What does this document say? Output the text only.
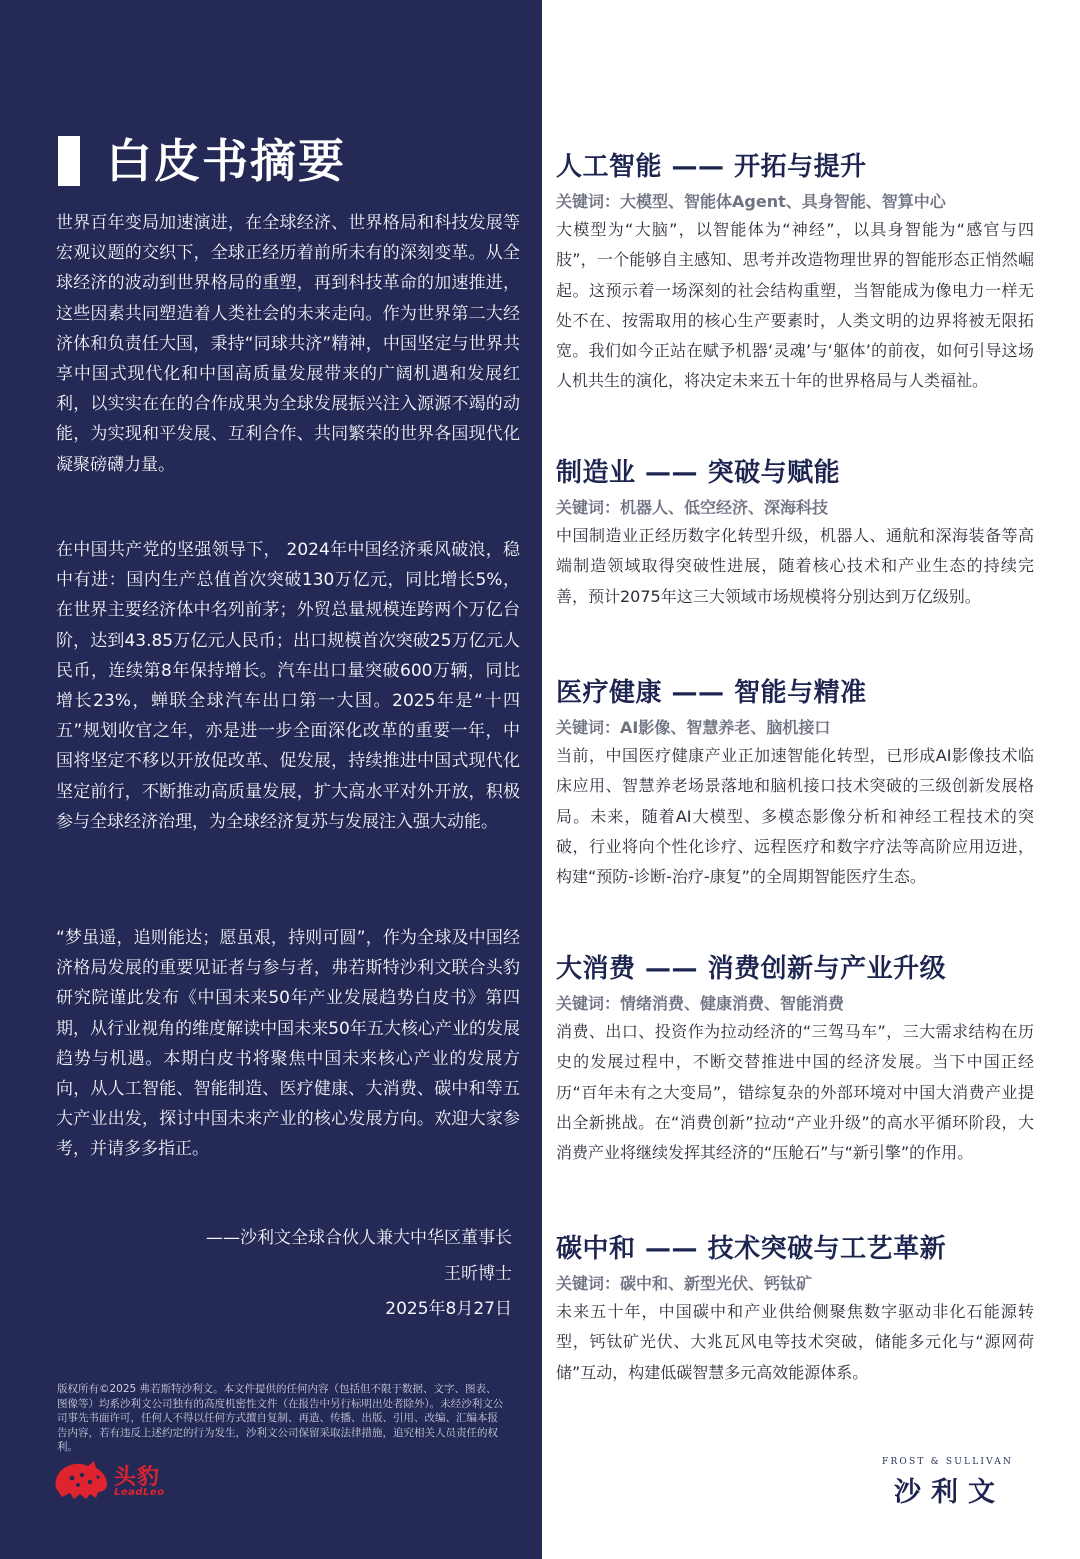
白皮书摘要

世界百年变局加速演进，在全球经济、世界格局和科技发展等宏观议题的交织下，全球正经历着前所未有的深刻变革。从全球经济的波动到世界格局的重塑，再到科技革命的加速推进，这些因素共同塑造着人类社会的未来走向。作为世界第二大经济体和负责任大国，秉持“同球共济”精神，中国坚定与世界共享中国式现代化和中国高质量发展带来的广阔机遇和发展红利，以实实在在的合作成果为全球发展振兴注入源源不竭的动能，为实现和平发展、互利合作、共同繁荣的世界各国现代化凝聚磅礴力量。

在中国共产党的坚强领导下， 2024年中国经济乘风破浪，稳中有进：国内生产总值首次突破130万亿元，同比增长5%，在世界主要经济体中名列前茅；外贸总量规模连跨两个万亿台阶，达到43.85万亿元人民币；出口规模首次突破25万亿元人民币，连续第8年保持增长。汽车出口量突破600万辆，同比增长23%，蝉联全球汽车出口第一大国。2025年是“十四五”规划收官之年，亦是进一步全面深化改革的重要一年，中国将坚定不移以开放促改革、促发展，持续推进中国式现代化坚定前行，不断推动高质量发展，扩大高水平对外开放，积极参与全球经济治理，为全球经济复苏与发展注入强大动能。

“梦虽遥，追则能达；愿虽艰，持则可圆”，作为全球及中国经济格局发展的重要见证者与参与者，弗若斯特沙利文联合头豹研究院谨此发布《中国未来50年产业发展趋势白皮书》第四期，从行业视角的维度解读中国未来50年五大核心产业的发展趋势与机遇。本期白皮书将聚焦中国未来核心产业的发展方向，从人工智能、智能制造、医疗健康、大消费、碳中和等五大产业出发，探讨中国未来产业的核心发展方向。欢迎大家参考，并请多多指正。

——沙利文全球合伙人兼大中华区董事长
王昕博士
2025年8月27日

版权所有©2025 弗若斯特沙利文。本文件提供的任何内容（包括但不限于数据、文字、图表、图像等）均系沙利文公司独有的高度机密性文件（在报告中另行标明出处者除外）。未经沙利文公司事先书面许可，任何人不得以任何方式擅自复制、再造、传播、出版、引用、改编、汇编本报告内容，若有违反上述约定的行为发生，沙利文公司保留采取法律措施，追究相关人员责任的权利。

头豹
LeadLeo
人工智能 —— 开拓与提升
关键词：大模型、智能体Agent、具身智能、智算中心

大模型为“大脑”，以智能体为“神经”，以具身智能为“感官与四肢”，一个能够自主感知、思考并改造物理世界的智能形态正悄然崛起。这预示着一场深刻的社会结构重塑，当智能成为像电力一样无处不在、按需取用的核心生产要素时，人类文明的边界将被无限拓宽。我们如今正站在赋予机器‘灵魂’与‘躯体’的前夜，如何引导这场人机共生的演化，将决定未来五十年的世界格局与人类福祉。

制造业 —— 突破与赋能
关键词：机器人、低空经济、深海科技

中国制造业正经历数字化转型升级，机器人、通航和深海装备等高端制造领域取得突破性进展，随着核心技术和产业生态的持续完善，预计2075年这三大领域市场规模将分别达到万亿级别。

医疗健康 —— 智能与精准
关键词：AI影像、智慧养老、脑机接口

当前，中国医疗健康产业正加速智能化转型，已形成AI影像技术临床应用、智慧养老场景落地和脑机接口技术突破的三级创新发展格局。未来，随着AI大模型、多模态影像分析和神经工程技术的突破，行业将向个性化诊疗、远程医疗和数字疗法等高阶应用迈进，构建“预防-诊断-治疗-康复”的全周期智能医疗生态。

大消费 —— 消费创新与产业升级
关键词：情绪消费、健康消费、智能消费

消费、出口、投资作为拉动经济的“三驾马车”，三大需求结构在历史的发展过程中，不断交替推进中国的经济发展。当下中国正经历“百年未有之大变局”，错综复杂的外部环境对中国大消费产业提出全新挑战。在“消费创新”拉动“产业升级”的高水平循环阶段，大消费产业将继续发挥其经济的“压舱石”与“新引擎”的作用。

碳中和 —— 技术突破与工艺革新
关键词：碳中和、新型光伏、钙钛矿

未来五十年，中国碳中和产业供给侧聚焦数字驱动非化石能源转型，钙钛矿光伏、大兆瓦风电等技术突破，储能多元化与“源网荷储”互动，构建低碳智慧多元高效能源体系。

FROST & SULLIVAN
沙利文
